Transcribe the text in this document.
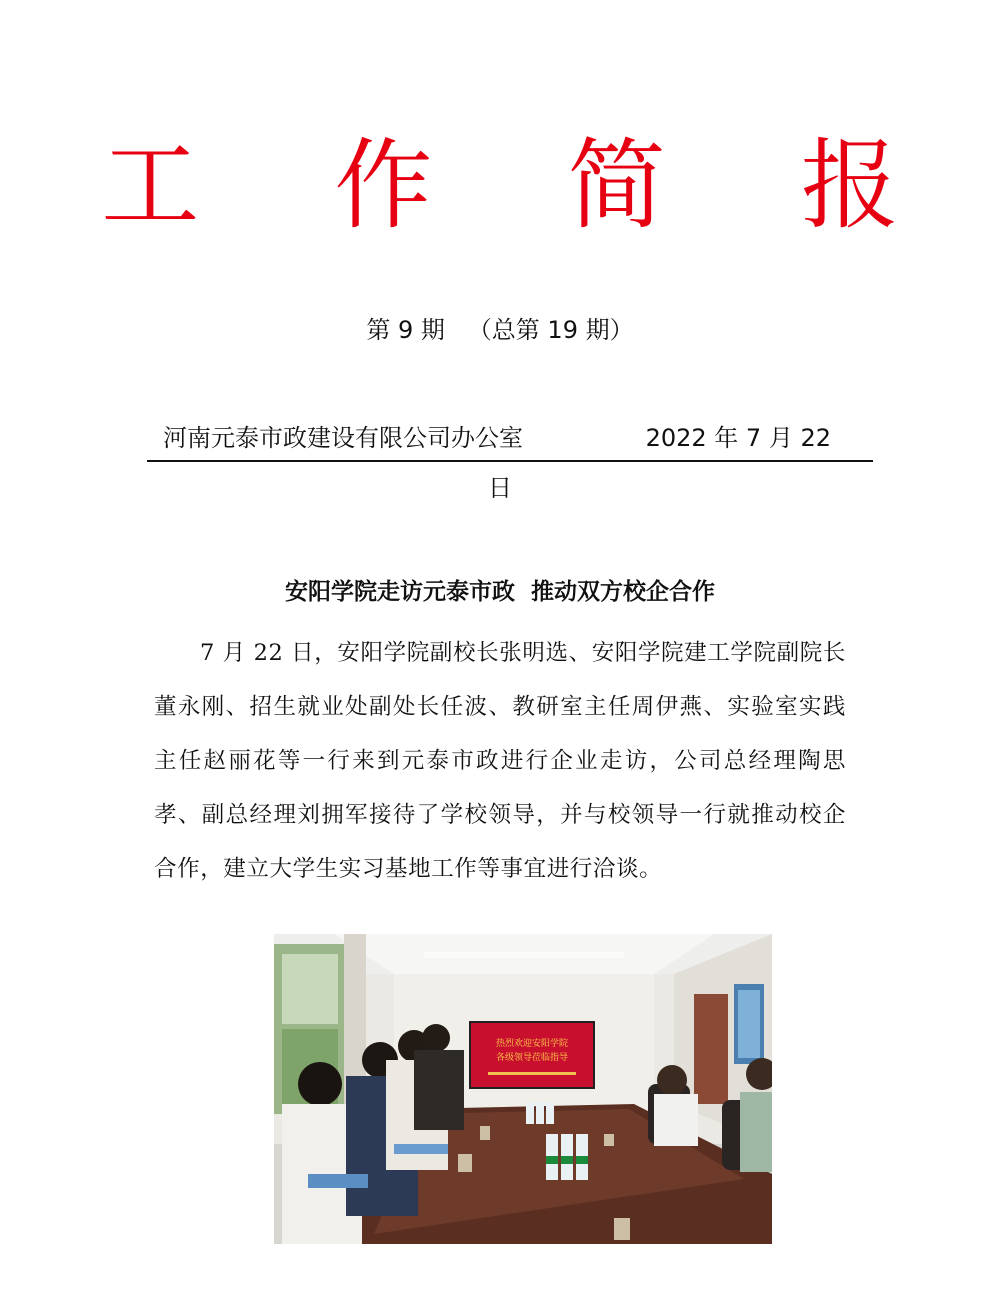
工 作 简 报
第 9 期   （总第 19 期）
河南元泰市政建设有限公司办公室	2022 年 7 月 22
日
安阳学院走访元泰市政  推动双方校企合作
7 月 22 日，安阳学院副校长张明选、安阳学院建工学院副院长董永刚、招生就业处副处长任波、教研室主任周伊燕、实验室实践主任赵丽花等一行来到元泰市政进行企业走访，公司总经理陶思孝、副总经理刘拥军接待了学校领导，并与校领导一行就推动校企合作，建立大学生实习基地工作等事宜进行洽谈。
热烈欢迎安阳学院
各级领导莅临指导
